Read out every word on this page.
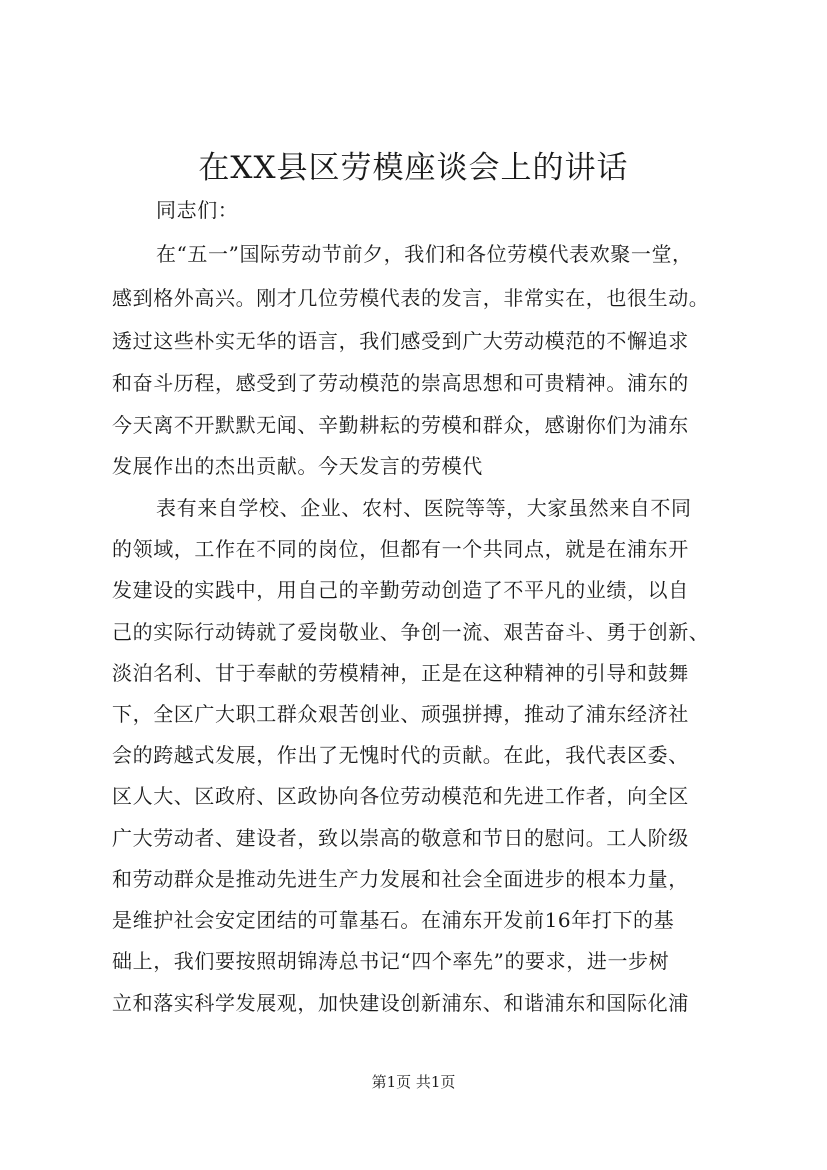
在XX县区劳模座谈会上的讲话
同志们：
在“五一”国际劳动节前夕，我们和各位劳模代表欢聚一堂，
感到格外高兴。刚才几位劳模代表的发言，非常实在，也很生动。
透过这些朴实无华的语言，我们感受到广大劳动模范的不懈追求
和奋斗历程，感受到了劳动模范的崇高思想和可贵精神。浦东的
今天离不开默默无闻、辛勤耕耘的劳模和群众，感谢你们为浦东
发展作出的杰出贡献。今天发言的劳模代
表有来自学校、企业、农村、医院等等，大家虽然来自不同
的领域，工作在不同的岗位，但都有一个共同点，就是在浦东开
发建设的实践中，用自己的辛勤劳动创造了不平凡的业绩，以自
己的实际行动铸就了爱岗敬业、争创一流、艰苦奋斗、勇于创新、
淡泊名利、甘于奉献的劳模精神，正是在这种精神的引导和鼓舞
下，全区广大职工群众艰苦创业、顽强拼搏，推动了浦东经济社
会的跨越式发展，作出了无愧时代的贡献。在此，我代表区委、
区人大、区政府、区政协向各位劳动模范和先进工作者，向全区
广大劳动者、建设者，致以崇高的敬意和节日的慰问。工人阶级
和劳动群众是推动先进生产力发展和社会全面进步的根本力量，
是维护社会安定团结的可靠基石。在浦东开发前16年打下的基
础上，我们要按照胡锦涛总书记“四个率先”的要求，进一步树
立和落实科学发展观，加快建设创新浦东、和谐浦东和国际化浦
第1页 共1页
